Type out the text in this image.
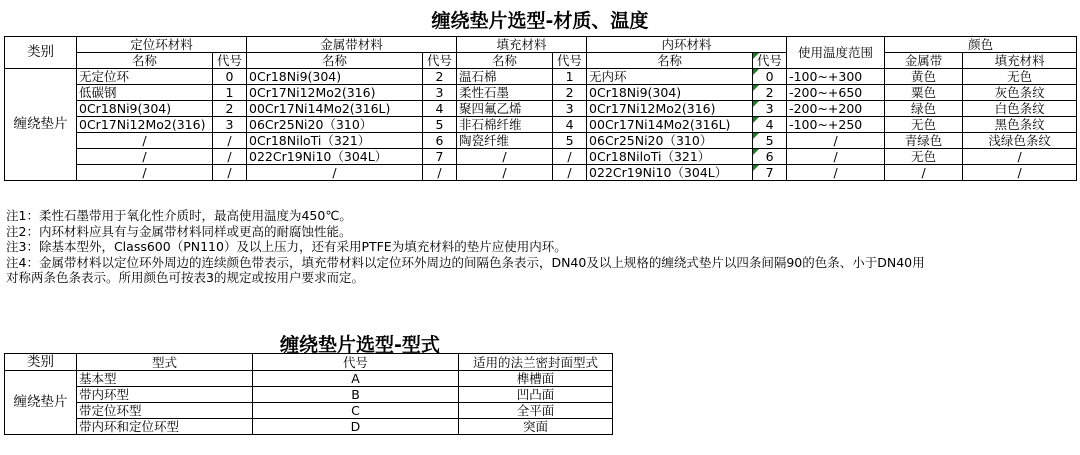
缠绕垫片选型-材质、温度
类别	定位环材料		金属带材料		填充材料		内环材料		使用温度范围	颜色	
	名称	代号	名称	代号	名称	代号	名称	代号		金属带	填充材料
缠绕垫片	无定位环	0	0Cr18Ni9(304)	2	温石棉	1	无内环	0	-100~+300	黄色	无色
	低碳钢	1	0Cr17Ni12Mo2(316)	3	柔性石墨	2	0Cr18Ni9(304)	2	-200~+650	粟色	灰色条纹
	0Cr18Ni9(304)	2	00Cr17Ni14Mo2(316L)	4	聚四氟乙烯	3	0Cr17Ni12Mo2(316)	3	-200~+200	绿色	白色条纹
	0Cr17Ni12Mo2(316)	3	06Cr25Ni20（310）	5	非石棉纤维	4	00Cr17Ni14Mo2(316L)	4	-100~+250	无色	黑色条纹
	/	/	0Cr18NiloTi（321）	6	陶瓷纤维	5	06Cr25Ni20（310）	5	/	青绿色	浅绿色条纹
	/	/	022Cr19Ni10（304L）	7	/	/	0Cr18NiloTi（321）	6	/	无色	/
	/	/	/	/	/	/	022Cr19Ni10（304L）	7	/	/	/
注1：柔性石墨带用于氧化性介质时，最高使用温度为450℃。
注2：内环材料应具有与金属带材料同样或更高的耐腐蚀性能。
注3：除基本型外，Class600（PN110）及以上压力，还有采用PTFE为填充材料的垫片应使用内环。
注4：金属带材料以定位环外周边的连续颜色带表示，填充带材料以定位环外周边的间隔色条表示，DN40及以上规格的缠绕式垫片以四条间隔90的色条、小于DN40用
对称两条色条表示。所用颜色可按表3的规定或按用户要求而定。
缠绕垫片选型-型式
类别	型式	代号	适用的法兰密封面型式
缠绕垫片	基本型	A	榫槽面
	带内环型	B	凹凸面
	带定位环型	C	全平面
	带内环和定位环型	D	突面
